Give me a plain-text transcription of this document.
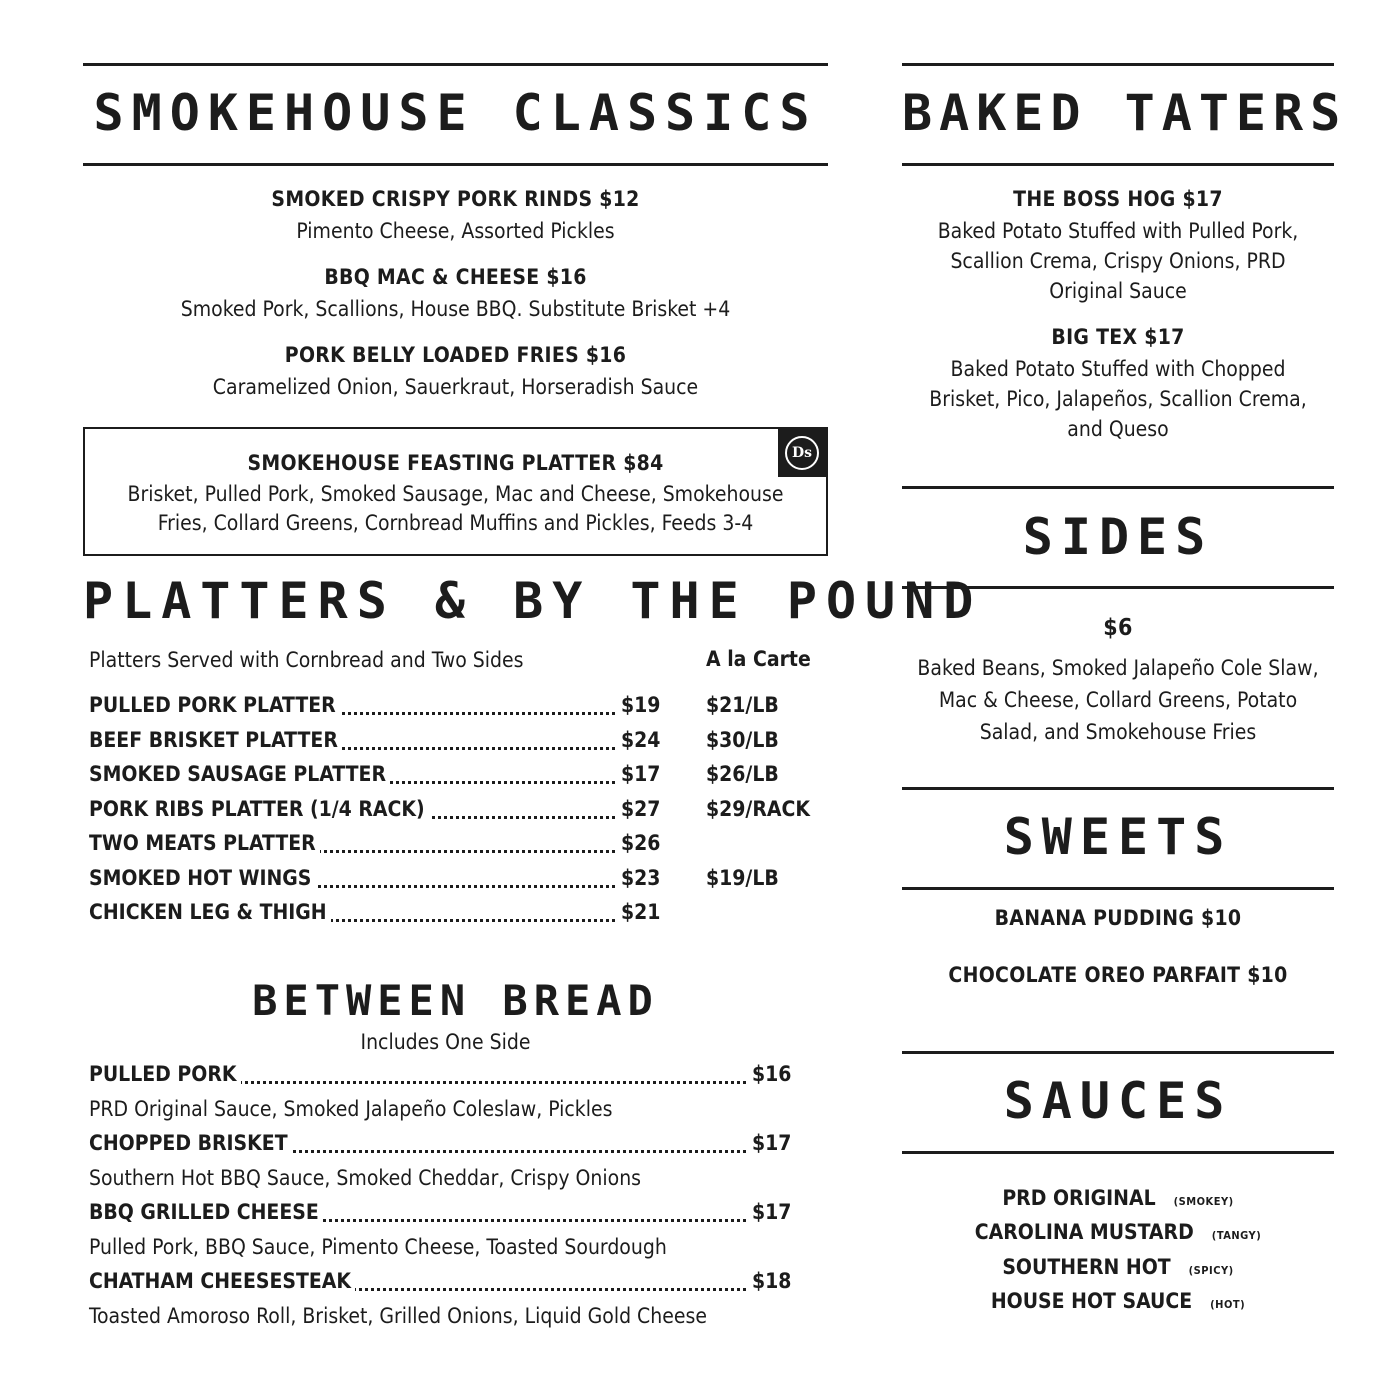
SMOKEHOUSE CLASSICS
SMOKED CRISPY PORK RINDS $12
Pimento Cheese, Assorted Pickles
BBQ MAC & CHEESE $16
Smoked Pork, Scallions, House BBQ. Substitute Brisket +4
PORK BELLY LOADED FRIES $16
Caramelized Onion, Sauerkraut, Horseradish Sauce
Ds
SMOKEHOUSE FEASTING PLATTER $84
Brisket, Pulled Pork, Smoked Sausage, Mac and Cheese, Smokehouse
Fries, Collard Greens, Cornbread Muffins and Pickles, Feeds 3-4
PLATTERS & BY THE POUND
Platters Served with Cornbread and Two Sides	A la Carte
PULLED PORK PLATTER	$19 $21/LB
BEEF BRISKET PLATTER	$24 $30/LB
SMOKED SAUSAGE PLATTER	$17 $26/LB
PORK RIBS PLATTER (1/4 RACK)	$27 $29/RACK
TWO MEATS PLATTER	$26
SMOKED HOT WINGS	$23 $19/LB
CHICKEN LEG & THIGH	$21
BETWEEN BREAD
Includes One Side
PULLED PORK	$16
PRD Original Sauce, Smoked Jalapeño Coleslaw, Pickles
CHOPPED BRISKET	$17
Southern Hot BBQ Sauce, Smoked Cheddar, Crispy Onions
BBQ GRILLED CHEESE	$17
Pulled Pork, BBQ Sauce, Pimento Cheese, Toasted Sourdough
CHATHAM CHEESESTEAK	$18
Toasted Amoroso Roll, Brisket, Grilled Onions, Liquid Gold Cheese
BAKED TATERS
THE BOSS HOG $17
Baked Potato Stuffed with Pulled Pork,
Scallion Crema, Crispy Onions, PRD
Original Sauce
BIG TEX $17
Baked Potato Stuffed with Chopped
Brisket, Pico, Jalapeños, Scallion Crema,
and Queso
SIDES
$6
Baked Beans, Smoked Jalapeño Cole Slaw,
Mac & Cheese, Collard Greens, Potato
Salad, and Smokehouse Fries
SWEETS
BANANA PUDDING $10
CHOCOLATE OREO PARFAIT $10
SAUCES
PRD ORIGINAL (SMOKEY)
CAROLINA MUSTARD (TANGY)
SOUTHERN HOT (SPICY)
HOUSE HOT SAUCE (HOT)
